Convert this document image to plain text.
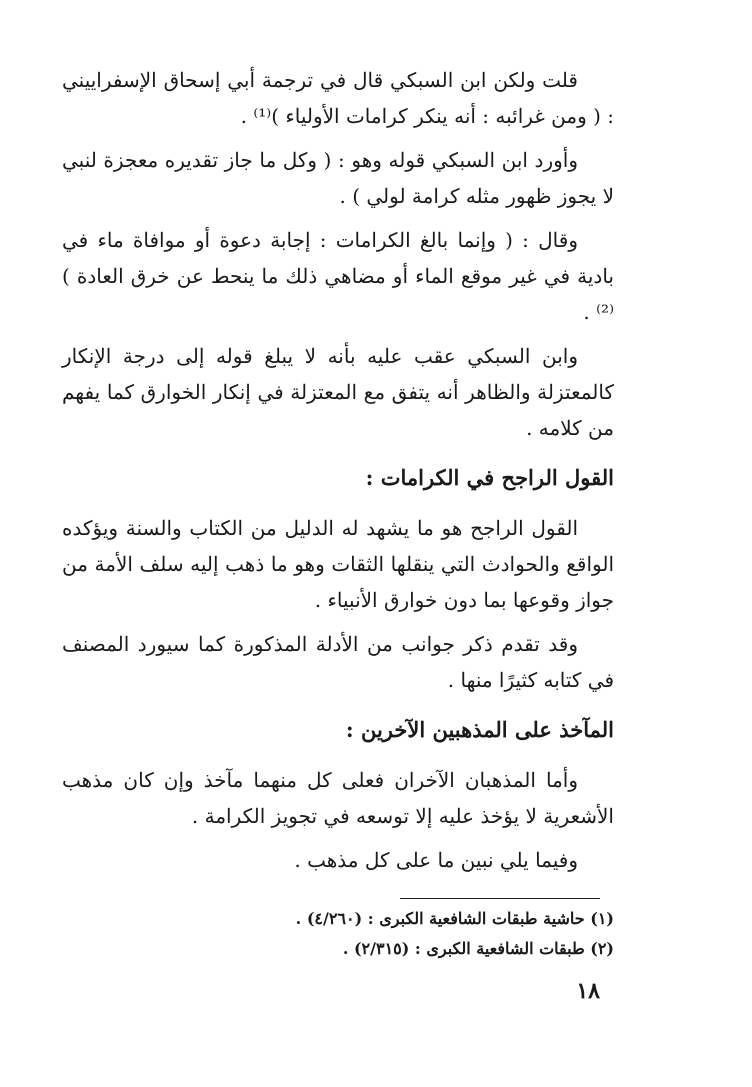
قلت ولكن ابن السبكي قال في ترجمة أبي إسحاق الإسفراييني : ( ومن غرائبه : أنه ينكر كرامات الأولياء )⁽¹⁾ .

وأورد ابن السبكي قوله وهو : ( وكل ما جاز تقديره معجزة لنبي لا يجوز ظهور مثله كرامة لولي ) .

وقال : ( وإنما بالغ الكرامات : إجابة دعوة أو موافاة ماء في بادية في غير موقع الماء أو مضاهي ذلك ما ينحط عن خرق العادة )⁽²⁾ .

وابن السبكي عقب عليه بأنه لا يبلغ قوله إلى درجة الإنكار كالمعتزلة والظاهر أنه يتفق مع المعتزلة في إنكار الخوارق كما يفهم من كلامه .

القول الراجح في الكرامات :

القول الراجح هو ما يشهد له الدليل من الكتاب والسنة ويؤكده الواقع والحوادث التي ينقلها الثقات وهو ما ذهب إليه سلف الأمة من جواز وقوعها بما دون خوارق الأنبياء .

وقد تقدم ذكر جوانب من الأدلة المذكورة كما سيورد المصنف في كتابه كثيرًا منها .

المآخذ على المذهبين الآخرين :

وأما المذهبان الآخران فعلى كل منهما مآخذ وإن كان مذهب الأشعرية لا يؤخذ عليه إلا توسعه في تجويز الكرامة .

وفيما يلي نبين ما على كل مذهب .

(١) حاشية طبقات الشافعية الكبرى : (٤/٢٦٠) .

(٢) طبقات الشافعية الكبرى : (٢/٣١٥) .

١٨
